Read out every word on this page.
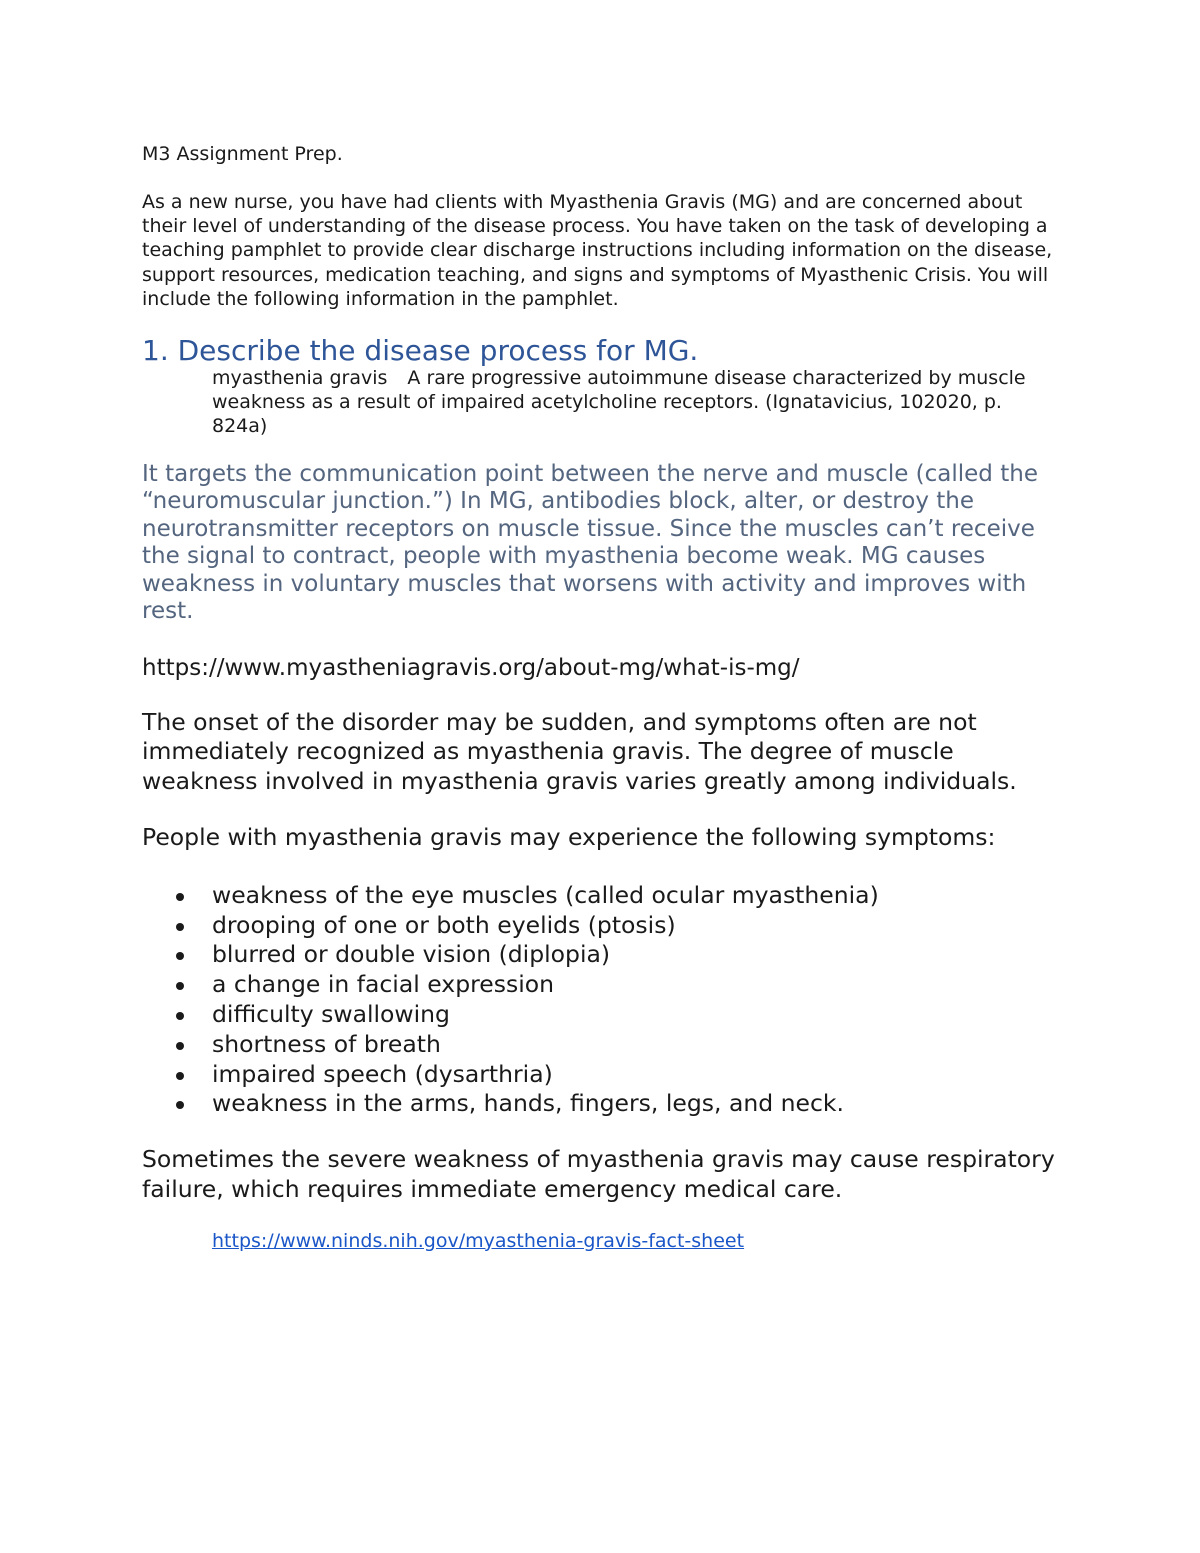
M3 Assignment Prep.

As a new nurse, you have had clients with Myasthenia Gravis (MG) and are concerned about their level of understanding of the disease process. You have taken on the task of developing a teaching pamphlet to provide clear discharge instructions including information on the disease, support resources, medication teaching, and signs and symptoms of Myasthenic Crisis. You will include the following information in the pamphlet.

1. Describe the disease process for MG.

myasthenia gravis A rare progressive autoimmune disease characterized by muscle weakness as a result of impaired acetylcholine receptors. (Ignatavicius, 102020, p. 824a)

It targets the communication point between the nerve and muscle (called the “neuromuscular junction.”) In MG, antibodies block, alter, or destroy the neurotransmitter receptors on muscle tissue. Since the muscles can’t receive the signal to contract, people with myasthenia become weak. MG causes weakness in voluntary muscles that worsens with activity and improves with rest.

https://www.myastheniagravis.org/about-mg/what-is-mg/

The onset of the disorder may be sudden, and symptoms often are not immediately recognized as myasthenia gravis. The degree of muscle weakness involved in myasthenia gravis varies greatly among individuals.

People with myasthenia gravis may experience the following symptoms:

weakness of the eye muscles (called ocular myasthenia)
drooping of one or both eyelids (ptosis)
blurred or double vision (diplopia)
a change in facial expression
difficulty swallowing
shortness of breath
impaired speech (dysarthria)
weakness in the arms, hands, fingers, legs, and neck.

Sometimes the severe weakness of myasthenia gravis may cause respiratory failure, which requires immediate emergency medical care.

https://www.ninds.nih.gov/myasthenia-gravis-fact-sheet
